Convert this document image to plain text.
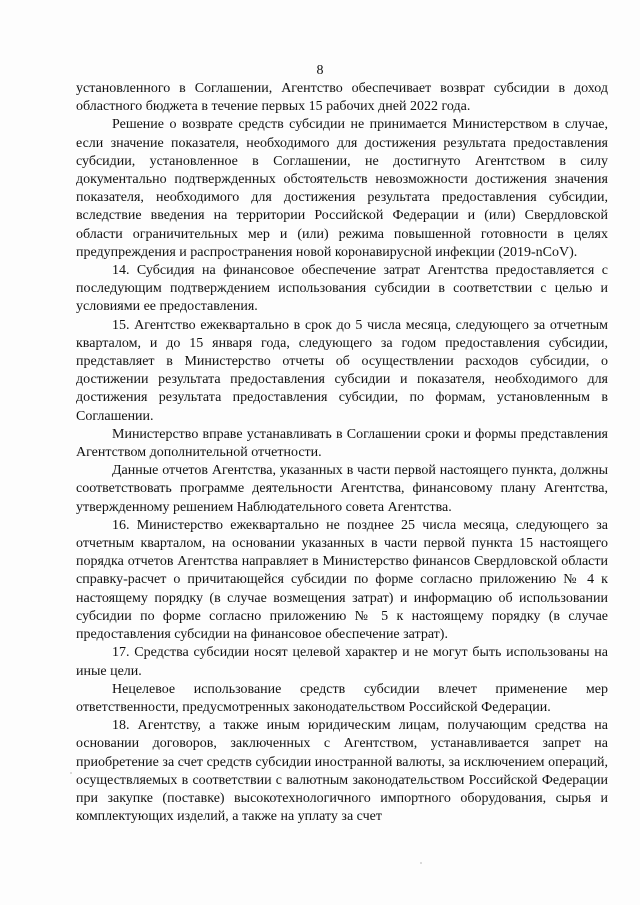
8

установленного в Соглашении, Агентство обеспечивает возврат субсидии в доход областного бюджета в течение первых 15 рабочих дней 2022 года.

Решение о возврате средств субсидии не принимается Министерством в случае, если значение показателя, необходимого для достижения результата предоставления субсидии, установленное в Соглашении, не достигнуто Агентством в силу документально подтвержденных обстоятельств невозможности достижения значения показателя, необходимого для достижения результата предоставления субсидии, вследствие введения на территории Российской Федерации и (или) Свердловской области ограничительных мер и (или) режима повышенной готовности в целях предупреждения и распространения новой коронавирусной инфекции (2019-nCoV).

14. Субсидия на финансовое обеспечение затрат Агентства предоставляется с последующим подтверждением использования субсидии в соответствии с целью и условиями ее предоставления.

15. Агентство ежеквартально в срок до 5 числа месяца, следующего за отчетным кварталом, и до 15 января года, следующего за годом предоставления субсидии, представляет в Министерство отчеты об осуществлении расходов субсидии, о достижении результата предоставления субсидии и показателя, необходимого для достижения результата предоставления субсидии, по формам, установленным в Соглашении.

Министерство вправе устанавливать в Соглашении сроки и формы представления Агентством дополнительной отчетности.

Данные отчетов Агентства, указанных в части первой настоящего пункта, должны соответствовать программе деятельности Агентства, финансовому плану Агентства, утвержденному решением Наблюдательного совета Агентства.

16. Министерство ежеквартально не позднее 25 числа месяца, следующего за отчетным кварталом, на основании указанных в части первой пункта 15 настоящего порядка отчетов Агентства направляет в Министерство финансов Свердловской области справку-расчет о причитающейся субсидии по форме согласно приложению № 4 к настоящему порядку (в случае возмещения затрат) и информацию об использовании субсидии по форме согласно приложению № 5 к настоящему порядку (в случае предоставления субсидии на финансовое обеспечение затрат).

17. Средства субсидии носят целевой характер и не могут быть использованы на иные цели.

Нецелевое использование средств субсидии влечет применение мер ответственности, предусмотренных законодательством Российской Федерации.

18. Агентству, а также иным юридическим лицам, получающим средства на основании договоров, заключенных с Агентством, устанавливается запрет на приобретение за счет средств субсидии иностранной валюты, за исключением операций, осуществляемых в соответствии с валютным законодательством Российской Федерации при закупке (поставке) высокотехнологичного импортного оборудования, сырья и комплектующих изделий, а также на уплату за счет
